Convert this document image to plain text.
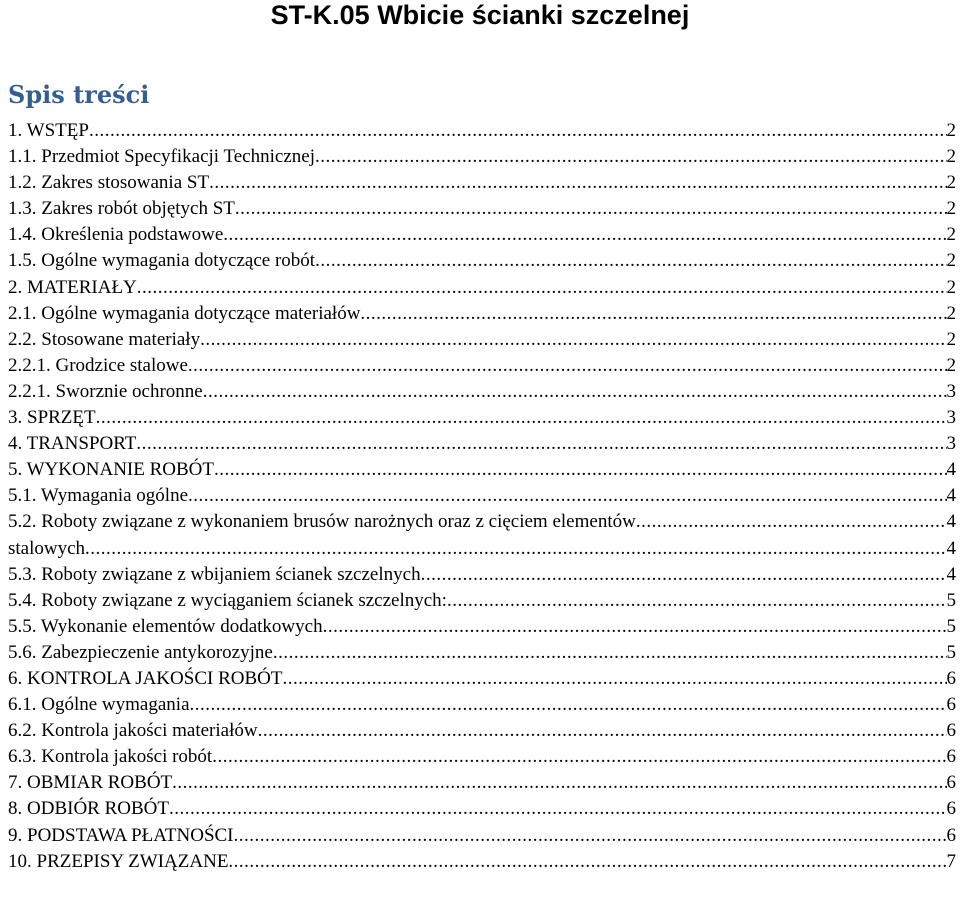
ST-K.05 Wbicie ścianki szczelnej
Spis treści
1. WSTĘP .....	2
1.1. Przedmiot Specyfikacji Technicznej .....	2
1.2. Zakres stosowania ST .....	2
1.3. Zakres robót objętych ST .....	2
1.4. Określenia podstawowe .....	2
1.5. Ogólne wymagania dotyczące robót .....	2
2. MATERIAŁY .....	2
2.1. Ogólne wymagania dotyczące materiałów .....	2
2.2. Stosowane materiały .....	2
2.2.1. Grodzice stalowe .....	2
2.2.1. Sworznie ochronne .....	3
3. SPRZĘT .....	3
4. TRANSPORT .....	3
5. WYKONANIE ROBÓT .....	4
5.1. Wymagania ogólne .....	4
5.2. Roboty związane z wykonaniem brusów narożnych oraz z cięciem elementów .....	4
stalowych .....	4
5.3. Roboty związane z wbijaniem ścianek szczelnych .....	4
5.4. Roboty związane z wyciąganiem ścianek szczelnych: .....	5
5.5. Wykonanie elementów dodatkowych .....	5
5.6. Zabezpieczenie antykorozyjne .....	5
6. KONTROLA JAKOŚCI ROBÓT .....	6
6.1. Ogólne wymagania .....	6
6.2. Kontrola jakości materiałów .....	6
6.3. Kontrola jakości robót .....	6
7. OBMIAR ROBÓT .....	6
8. ODBIÓR ROBÓT .....	6
9. PODSTAWA PŁATNOŚCI .....	6
10. PRZEPISY ZWIĄZANE .....	7
